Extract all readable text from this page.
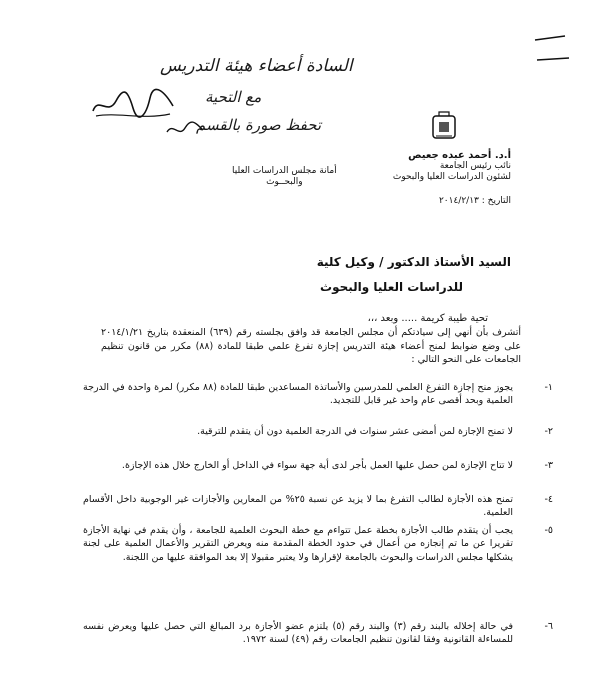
السادة أعضاء هيئة التدريس
مع التحية
تحفظ صورة بالقسم
أ.د. أحمد عبده جعيص
نائب رئيس الجامعة
لشئون الدراسات العليا والبحوث
أمانة مجلس الدراسات العليا
والبحــوث
التاريخ : ٢٠١٤/٢/١٣
السيد الأستاذ الدكتور / وكيل كلية
للدراسات العليا والبحوث
تحية طيبة كريمة ..... وبعد ،،،
أتشرف بأن أنهي إلى سيادتكم أن مجلس الجامعة قد وافق بجلسته رقم (٦٣٩) المنعقدة بتاريخ ٢٠١٤/١/٢١ على وضع ضوابط لمنح أعضاء هيئة التدريس إجازة تفرغ علمي طبقا للمادة (٨٨) مكرر من قانون تنظيم الجامعات على النحو التالي :
١-
يجوز منح إجازة التفرغ العلمي للمدرسين والأساتذة المساعدين طبقا للمادة (٨٨ مكرر) لمرة واحدة في الدرجة العلمية وبحد أقصى عام واحد غير قابل للتجديد.
٢-
لا تمنح الإجازة لمن أمضى عشر سنوات في الدرجة العلمية دون أن يتقدم للترقية.
٣-
لا تتاح الإجازة لمن حصل عليها العمل بأجر لدى أية جهة سواء في الداخل أو الخارج خلال هذه الإجازة.
٤-
تمنح هذه الأجازة لطالب التفرغ بما لا يزيد عن نسبة ٢٥% من المعارين والأجازات غير الوجوبية داخل الأقسام العلمية.
٥-
يجب أن يتقدم طالب الأجازة بخطة عمل تتواءم مع خطة البحوث العلمية للجامعة ، وأن يقدم في نهاية الأجازة تقريرا عن ما تم إنجازه من أعمال في حدود الخطة المقدمة منه ويعرض التقرير والأعمال العلمية على لجنة يشكلها مجلس الدراسات والبحوث بالجامعة لإقرارها ولا يعتبر مقبولا إلا بعد الموافقة عليها من اللجنة.
٦-
في حالة إخلاله بالبند رقم (٣) والبند رقم (٥) يلتزم عضو الأجازة برد المبالغ التي حصل عليها ويعرض نفسه للمساءلة القانونية وفقا لقانون تنظيم الجامعات رقم (٤٩) لسنة ١٩٧٢.
